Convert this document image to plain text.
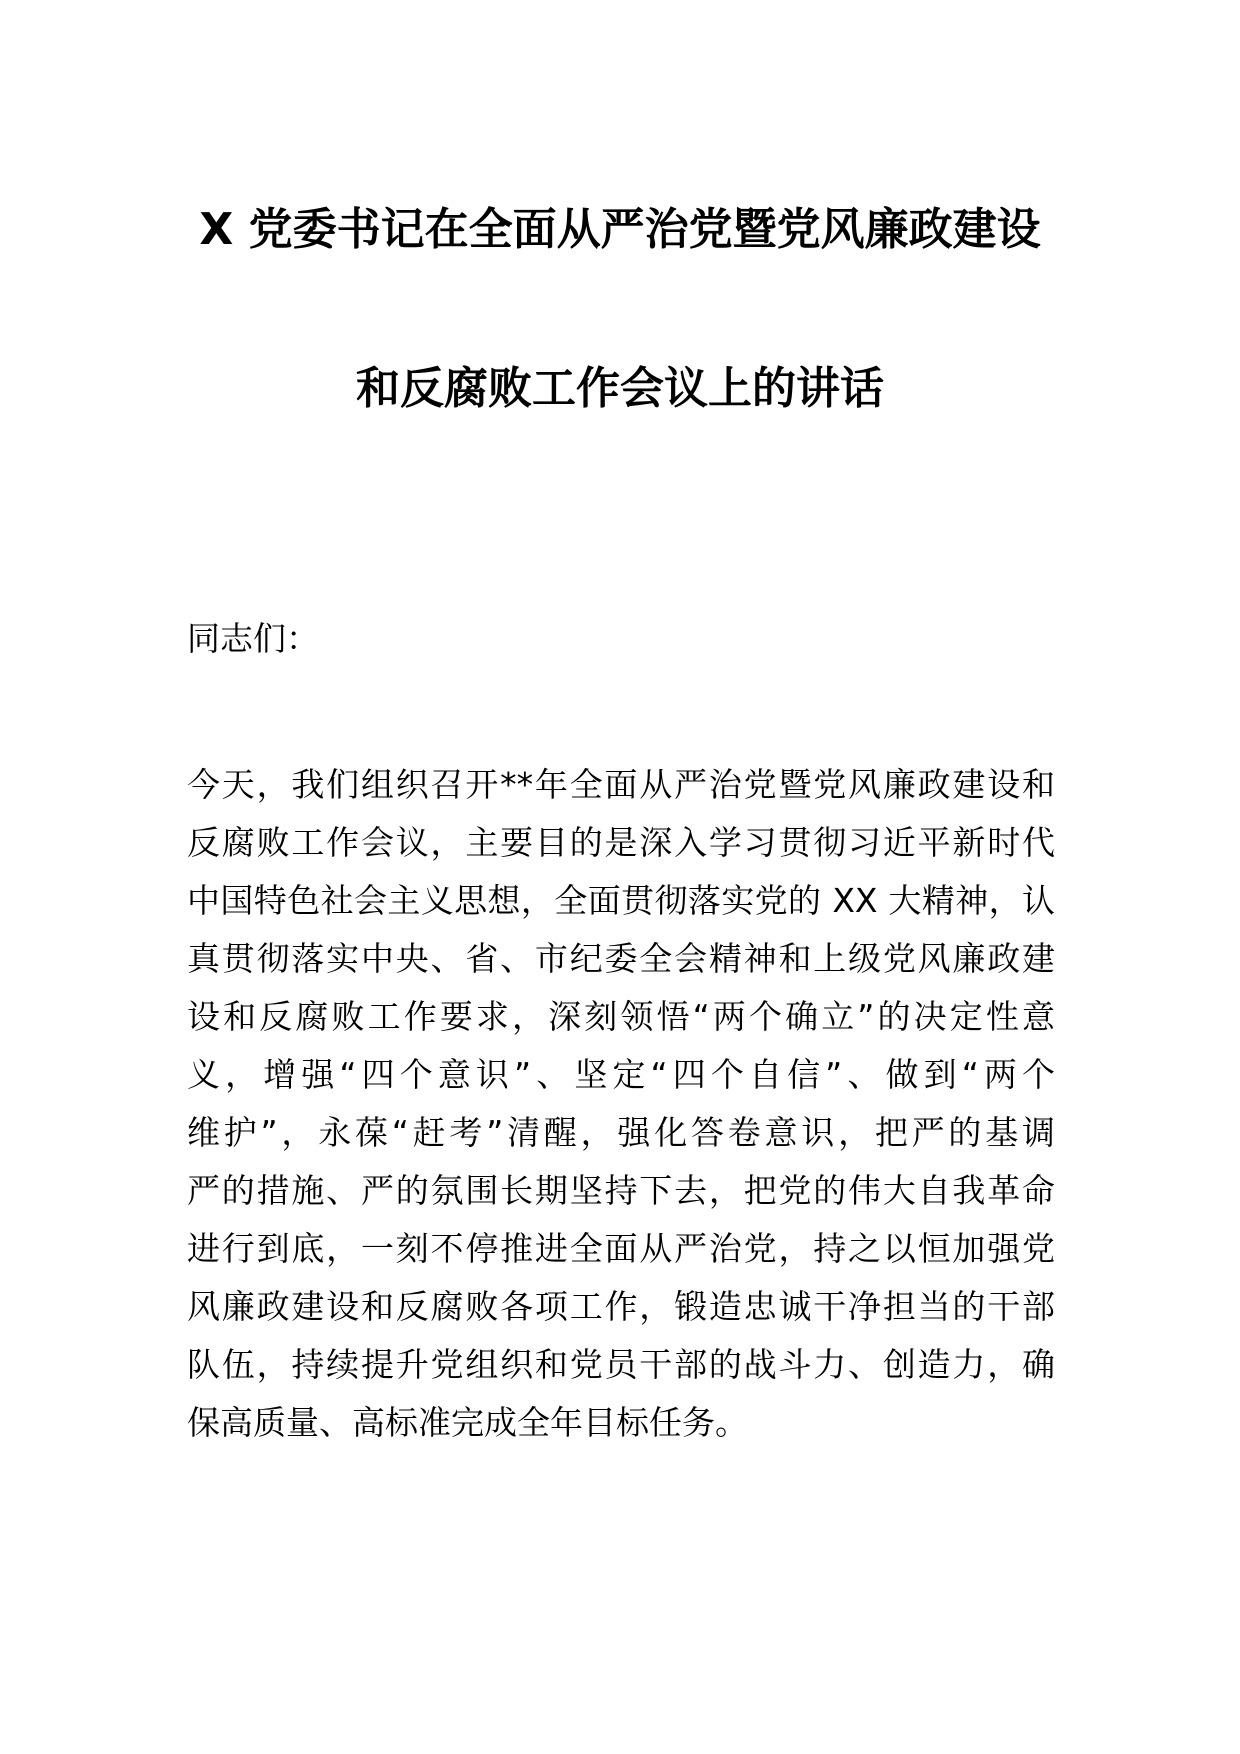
X 党委书记在全面从严治党暨党风廉政建设
和反腐败工作会议上的讲话
同志们：
今天，我们组织召开**年全面从严治党暨党风廉政建设和
反腐败工作会议，主要目的是深入学习贯彻习近平新时代
中国特色社会主义思想，全面贯彻落实党的 XX 大精神，认
真贯彻落实中央、省、市纪委全会精神和上级党风廉政建
设和反腐败工作要求，深刻领悟“两个确立”的决定性意
义，增强“四个意识”、坚定“四个自信”、做到“两个
维护”，永葆“赶考”清醒，强化答卷意识，把严的基调
严的措施、严的氛围长期坚持下去，把党的伟大自我革命
进行到底，一刻不停推进全面从严治党，持之以恒加强党
风廉政建设和反腐败各项工作，锻造忠诚干净担当的干部
队伍，持续提升党组织和党员干部的战斗力、创造力，确
保高质量、高标准完成全年目标任务。
